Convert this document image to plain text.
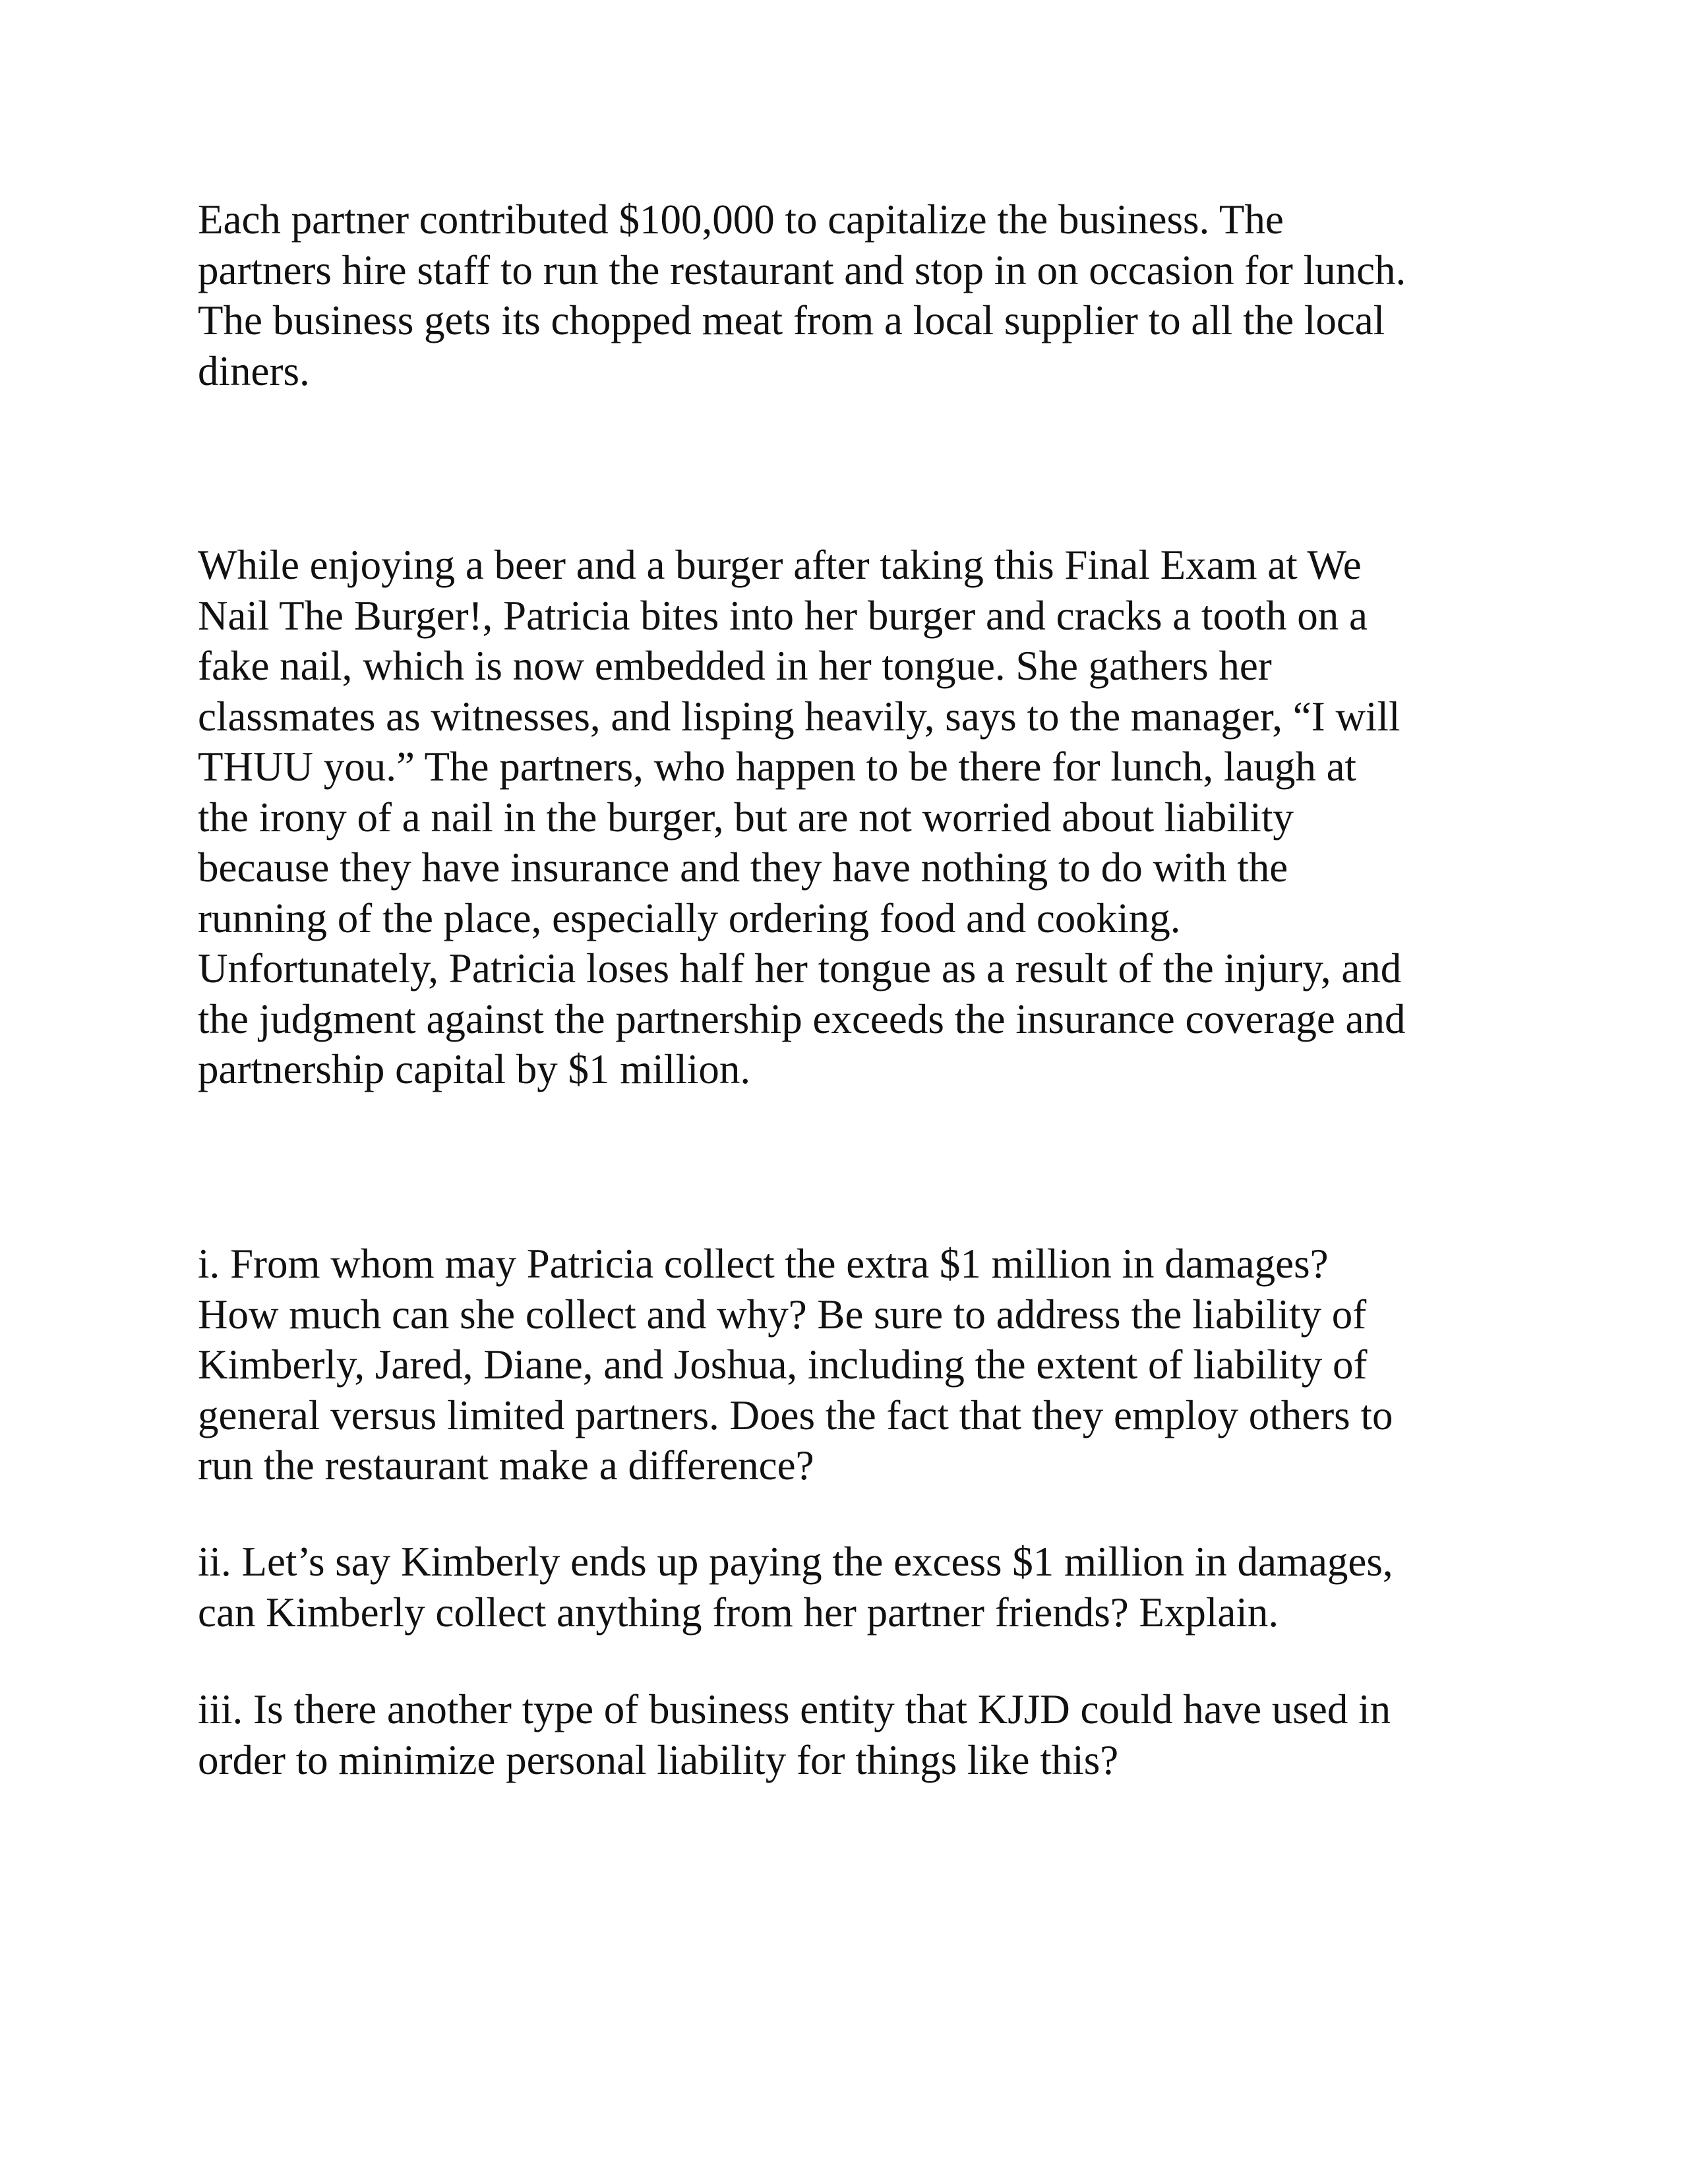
Each partner contributed $100,000 to capitalize the business. The
partners hire staff to run the restaurant and stop in on occasion for lunch.
The business gets its chopped meat from a local supplier to all the local
diners.

While enjoying a beer and a burger after taking this Final Exam at We
Nail The Burger!, Patricia bites into her burger and cracks a tooth on a
fake nail, which is now embedded in her tongue. She gathers her
classmates as witnesses, and lisping heavily, says to the manager, “I will
THUU you.” The partners, who happen to be there for lunch, laugh at
the irony of a nail in the burger, but are not worried about liability
because they have insurance and they have nothing to do with the
running of the place, especially ordering food and cooking.
Unfortunately, Patricia loses half her tongue as a result of the injury, and
the judgment against the partnership exceeds the insurance coverage and
partnership capital by $1 million.

i. From whom may Patricia collect the extra $1 million in damages?
How much can she collect and why? Be sure to address the liability of
Kimberly, Jared, Diane, and Joshua, including the extent of liability of
general versus limited partners. Does the fact that they employ others to
run the restaurant make a difference?

ii. Let’s say Kimberly ends up paying the excess $1 million in damages,
can Kimberly collect anything from her partner friends? Explain.

iii. Is there another type of business entity that KJJD could have used in
order to minimize personal liability for things like this?
